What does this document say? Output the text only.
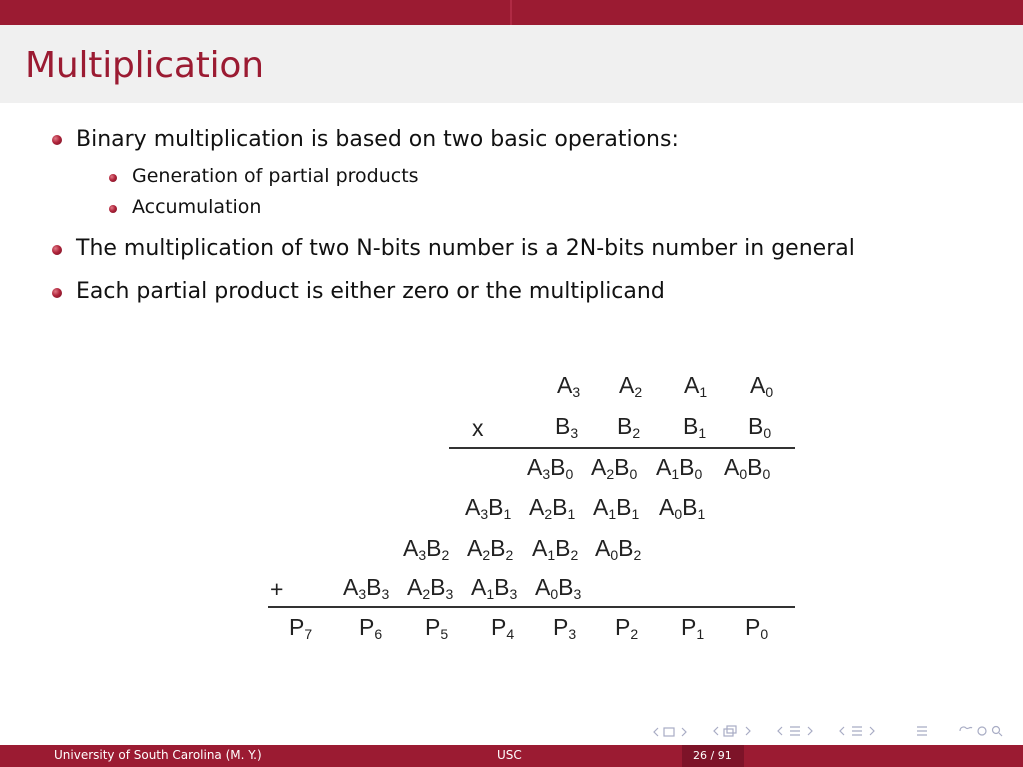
Multiplication
Binary multiplication is based on two basic operations:
Generation of partial products
Accumulation
The multiplication of two N-bits number is a 2N-bits number in general
Each partial product is either zero or the multiplicand
$A_3$ $A_2$ $A_1$ $A_0$
x	$B_3$ $B_2$ $B_1$ $B_0$
$A_3B_0$ $A_2B_0$ $A_1B_0$ $A_0B_0$
$A_3B_1$ $A_2B_1$ $A_1B_1$ $A_0B_1$
$A_3B_2$ $A_2B_2$ $A_1B_2$ $A_0B_2$
+	$A_3B_3$ $A_2B_3$ $A_1B_3$ $A_0B_3$
$P_7$ $P_6$ $P_5$ $P_4$ $P_3$ $P_2$ $P_1$ $P_0$
University of South Carolina (M. Y.)	USC	26 / 91
